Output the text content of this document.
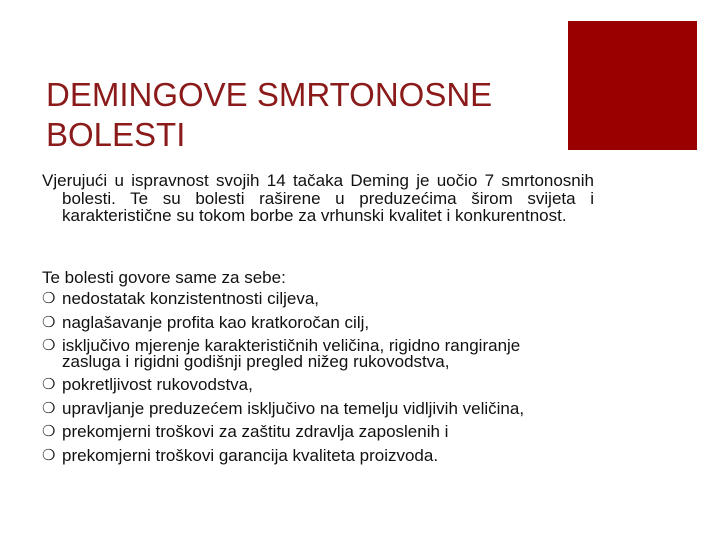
DEMINGOVE SMRTONOSNE BOLESTI

Vjerujući u ispravnost svojih 14 tačaka Deming je uočio 7 smrtonosnih bolesti. Te su bolesti raširene u preduzećima širom svijeta i karakteristične su tokom borbe za vrhunski kvalitet i konkurentnost.

Te bolesti govore same za sebe:

❍ nedostatak konzistentnosti ciljeva,
❍ naglašavanje profita kao kratkoročan cilj,
❍ isključivo mjerenje karakterističnih veličina, rigidno rangiranje zasluga i rigidni godišnji pregled nižeg rukovodstva,
❍ pokretljivost rukovodstva,
❍ upravljanje preduzećem isključivo na temelju vidljivih veličina,
❍ prekomjerni troškovi za zaštitu zdravlja zaposlenih i
❍ prekomjerni troškovi garancija kvaliteta proizvoda.
